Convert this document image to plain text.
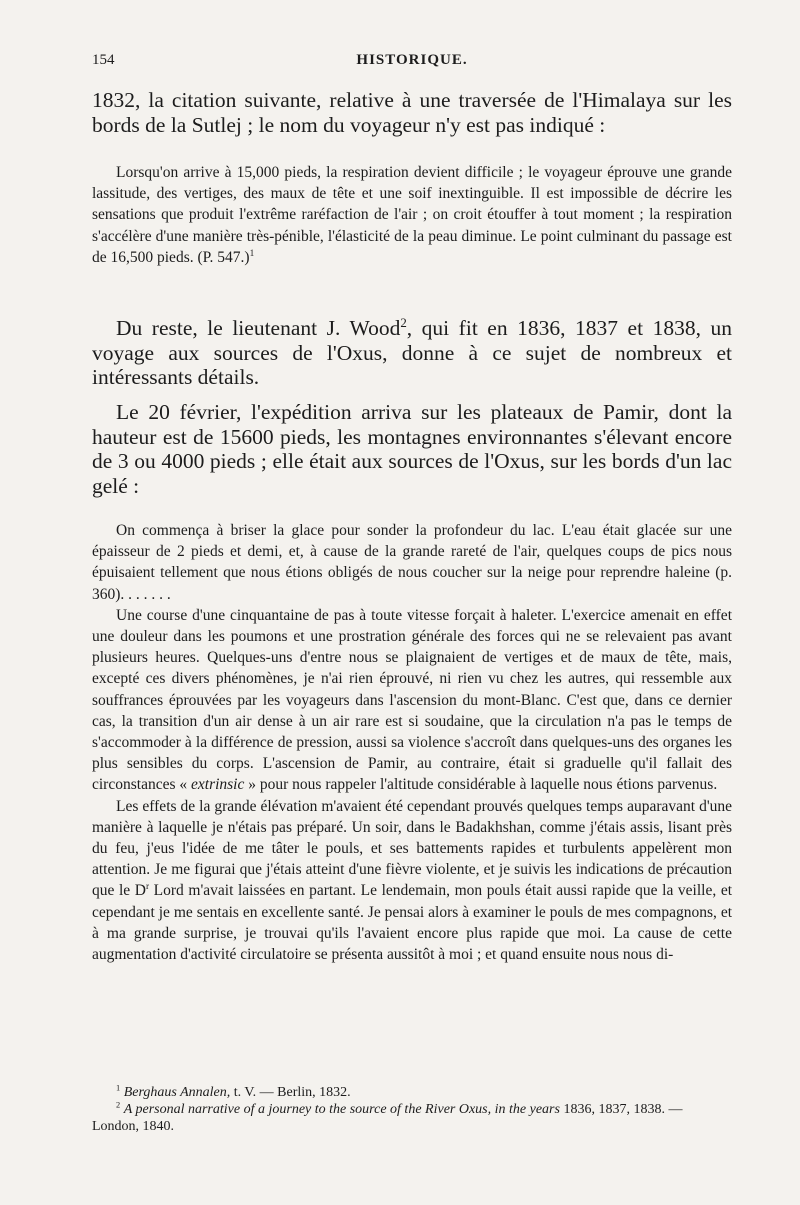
154	HISTORIQUE.

1832, la citation suivante, relative à une traversée de l'Himalaya sur les bords de la Sutlej ; le nom du voyageur n'y est pas indiqué :

Lorsqu'on arrive à 15,000 pieds, la respiration devient difficile ; le voyageur éprouve une grande lassitude, des vertiges, des maux de tête et une soif inextinguible. Il est impossible de décrire les sensations que produit l'extrême raréfaction de l'air ; on croit étouffer à tout moment ; la respiration s'accélère d'une manière très-pénible, l'élasticité de la peau diminue. Le point culminant du passage est de 16,500 pieds. (P. 547.)$^1$

Du reste, le lieutenant J. Wood$^2$, qui fit en 1836, 1837 et 1838, un voyage aux sources de l'Oxus, donne à ce sujet de nombreux et intéressants détails.

Le 20 février, l'expédition arriva sur les plateaux de Pamir, dont la hauteur est de 15600 pieds, les montagnes environnantes s'élevant encore de 3 ou 4000 pieds ; elle était aux sources de l'Oxus, sur les bords d'un lac gelé :

On commença à briser la glace pour sonder la profondeur du lac. L'eau était glacée sur une épaisseur de 2 pieds et demi, et, à cause de la grande rareté de l'air, quelques coups de pics nous épuisaient tellement que nous étions obligés de nous coucher sur la neige pour reprendre haleine (p. 360). . . . . . .

Une course d'une cinquantaine de pas à toute vitesse forçait à haleter. L'exercice amenait en effet une douleur dans les poumons et une prostration générale des forces qui ne se relevaient pas avant plusieurs heures. Quelques-uns d'entre nous se plaignaient de vertiges et de maux de tête, mais, excepté ces divers phénomènes, je n'ai rien éprouvé, ni rien vu chez les autres, qui ressemble aux souffrances éprouvées par les voyageurs dans l'ascension du mont-Blanc. C'est que, dans ce dernier cas, la transition d'un air dense à un air rare est si soudaine, que la circulation n'a pas le temps de s'accommoder à la différence de pression, aussi sa violence s'accroît dans quelques-uns des organes les plus sensibles du corps. L'ascension de Pamir, au contraire, était si graduelle qu'il fallait des circonstances « extrinsic » pour nous rappeler l'altitude considérable à laquelle nous étions parvenus.

Les effets de la grande élévation m'avaient été cependant prouvés quelques temps auparavant d'une manière à laquelle je n'étais pas préparé. Un soir, dans le Badakhshan, comme j'étais assis, lisant près du feu, j'eus l'idée de me tâter le pouls, et ses battements rapides et turbulents appelèrent mon attention. Je me figurai que j'étais atteint d'une fièvre violente, et je suivis les indications de précaution que le $D^r$ Lord m'avait laissées en partant. Le lendemain, mon pouls était aussi rapide que la veille, et cependant je me sentais en excellente santé. Je pensai alors à examiner le pouls de mes compagnons, et à ma grande surprise, je trouvai qu'ils l'avaient encore plus rapide que moi. La cause de cette augmentation d'activité circulatoire se présenta aussitôt à moi ; et quand ensuite nous nous di-

$^1$ Berghaus Annalen, t. V. — Berlin, 1832.

$^2$ A personal narrative of a journey to the source of the River Oxus, in the years 1836, 1837, 1838. — London, 1840.
